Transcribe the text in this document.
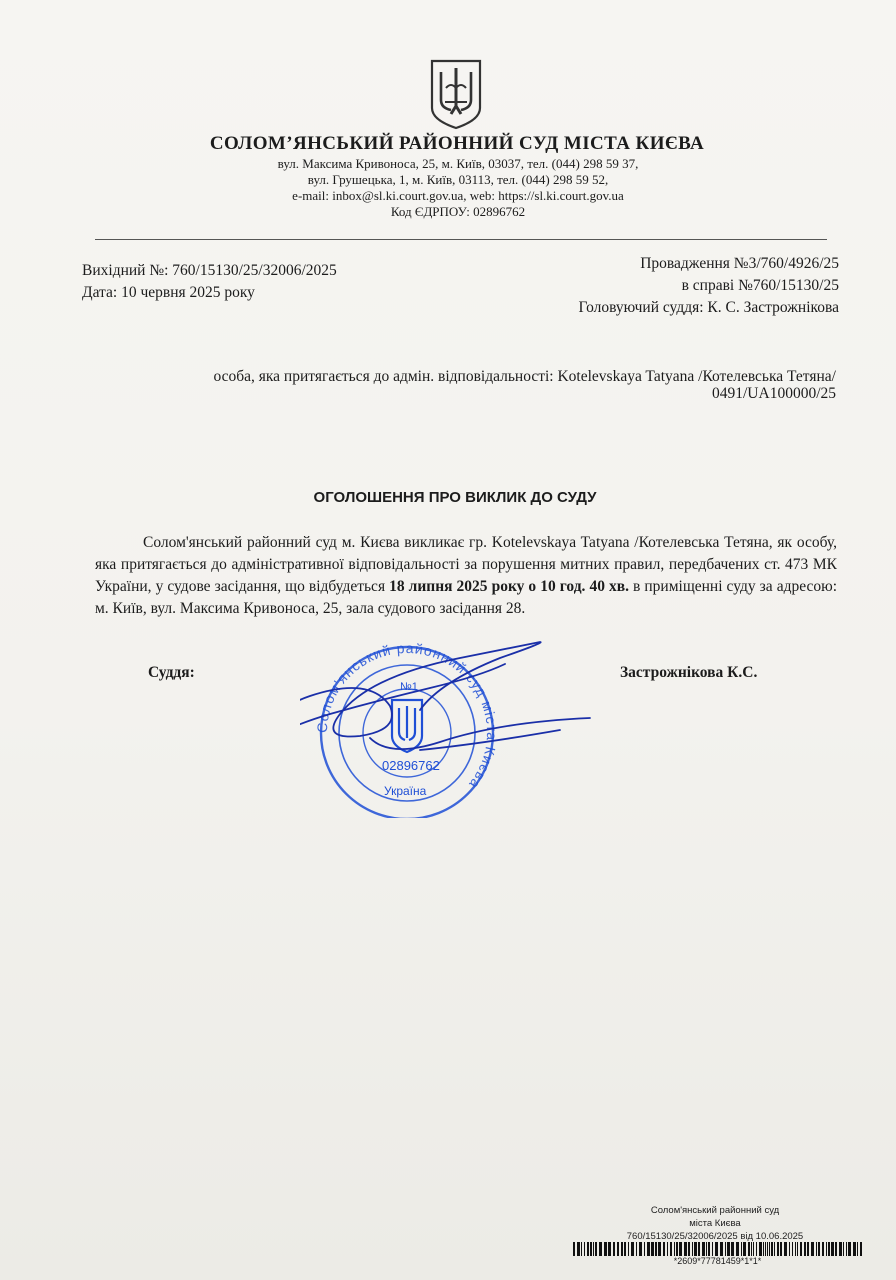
СОЛОМ’ЯНСЬКИЙ РАЙОННИЙ СУД МІСТА КИЄВА
вул. Максима Кривоноса, 25, м. Київ, 03037, тел. (044) 298 59 37,
вул. Грушецька, 1, м. Київ, 03113, тел. (044) 298 59 52,
e-mail: inbox@sl.ki.court.gov.ua, web: https://sl.ki.court.gov.ua
Код ЄДРПОУ: 02896762
Вихідний №: 760/15130/25/32006/2025
Дата: 10 червня 2025 року
Провадження №3/760/4926/25
в справі №760/15130/25
Головуючий суддя: К. С. Застрожнікова
особа, яка притягається до адмін. відповідальності: Kotelevskaya Tatyana /Котелевська Тетяна/
0491/UA100000/25
ОГОЛОШЕННЯ ПРО ВИКЛИК ДО СУДУ
Солом'янський районний суд м. Києва викликає гр. Kotelevskaya Tatyana /Котелевська Тетяна, як особу, яка притягається до адміністративної відповідальності за порушення митних правил, передбачених ст. 473 МК України, у судове засідання, що відбудеться 18 липня 2025 року о 10 год. 40 хв. в приміщенні суду за адресою: м. Київ, вул. Максима Кривоноса, 25, зала судового засідання 28.
Суддя:	Застрожнікова К.С.
Солом'янський районний суд міста Києва
№1
02896762
Україна
Солом'янський районний суд
міста Києва
760/15130/25/32006/2025 від 10.06.2025
*2609*77781459*1*1*
